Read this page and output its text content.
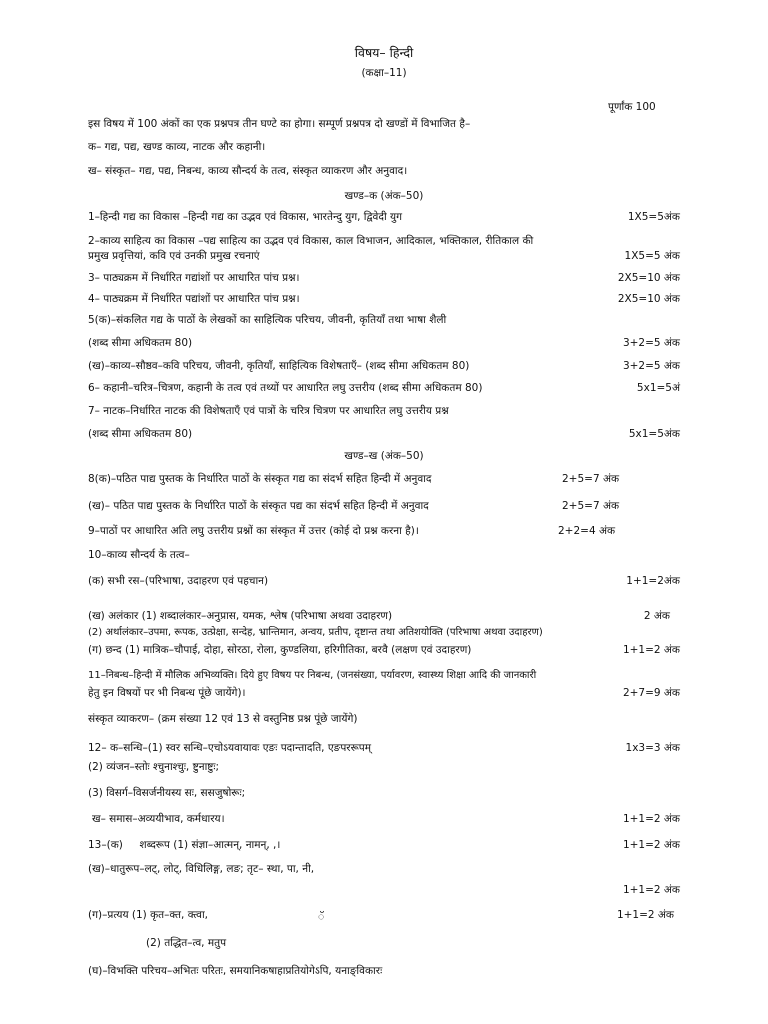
विषय– हिन्दी
(कक्षा–11)
पूर्णांक 100
इस विषय में 100 अंकों का एक प्रश्नपत्र तीन घण्टे का होगा। सम्पूर्ण प्रश्नपत्र दो खण्डों में विभाजित है–
क– गद्य, पद्य, खण्ड काव्य, नाटक और कहानी।
ख– संस्कृत– गद्य, पद्य, निबन्ध, काव्य सौन्दर्य के तत्व, संस्कृत व्याकरण और अनुवाद।
खण्ड–क (अंक–50)
1–हिन्दी गद्य का विकास –हिन्दी गद्य का उद्भव एवं विकास, भारतेन्दु युग, द्विवेदी युग	1X5=5अंक
2–काव्य साहित्य का विकास –पद्य साहित्य का उद्भव एवं विकास, काल विभाजन, आदिकाल, भक्तिकाल, रीतिकाल की
प्रमुख प्रवृत्तियां, कवि एवं उनकी प्रमुख रचनाएं	1X5=5 अंक
3– पाठ्यक्रम में निर्धारित गद्यांशों पर आधारित पांच प्रश्न।	2X5=10 अंक
4– पाठ्यक्रम में निर्धारित पद्यांशों पर आधारित पांच प्रश्न।	2X5=10 अंक
5(क)–संकलित गद्य के पाठों के लेखकों का साहित्यिक परिचय, जीवनी, कृतियाँ तथा भाषा शैली
(शब्द सीमा अधिकतम 80)	3+2=5 अंक
(ख)–काव्य–सौष्ठव–कवि परिचय, जीवनी, कृतियाँ, साहित्यिक विशेषताएँ– (शब्द सीमा अधिकतम 80)	3+2=5 अंक
6– कहानी–चरित्र–चित्रण, कहानी के तत्व एवं तथ्यों पर आधारित लघु उत्तरीय (शब्द सीमा अधिकतम 80)	5x1=5अं
7– नाटक–निर्धारित नाटक की विशेषताएँ एवं पात्रों के चरित्र चित्रण पर आधारित लघु उत्तरीय प्रश्न
(शब्द सीमा अधिकतम 80)	5x1=5अंक
खण्ड–ख (अंक–50)
8(क)–पठित पाद्य पुस्तक के निर्धारित पाठों के संस्कृत गद्य का संदर्भ सहित हिन्दी में अनुवाद	2+5=7 अंक
(ख)– पठित पाद्य पुस्तक के निर्धारित पाठों के संस्कृत पद्य का संदर्भ सहित हिन्दी में अनुवाद	2+5=7 अंक
9–पाठों पर आधारित अति लघु उत्तरीय प्रश्नों का संस्कृत में उत्तर (कोई दो प्रश्न करना है)।	2+2=4 अंक
10–काव्य सौन्दर्य के तत्व–
(क) सभी रस–(परिभाषा, उदाहरण एवं पहचान)	1+1=2अंक
(ख) अलंकार (1) शब्दालंकार–अनुप्रास, यमक, श्लेष (परिभाषा अथवा उदाहरण)	2 अंक
(2) अर्थालंकार–उपमा, रूपक, उत्प्रेक्षा, सन्देह, भ्रान्तिमान, अन्वय, प्रतीप, दृष्टान्त तथा अतिशयोक्ति (परिभाषा अथवा उदाहरण)
(ग) छन्द (1) मात्रिक–चौपाई, दोहा, सोरठा, रोला, कुण्डलिया, हरिगीतिका, बरवै (लक्षण एवं उदाहरण)	1+1=2 अंक
11–निबन्ध–हिन्दी में मौलिक अभिव्यक्ति। दिये हुए विषय पर निबन्ध, (जनसंख्या, पर्यावरण, स्वास्थ्य शिक्षा आदि की जानकारी
हेतु इन विषयों पर भी निबन्ध पूंछे जायेंगे)।	2+7=9 अंक
संस्कृत व्याकरण– (क्रम संख्या 12 एवं 13 से वस्तुनिष्ठ प्रश्न पूंछे जायेंगे)
12– क–सन्धि–(1) स्वर सन्धि–एचोऽयवायावः एङः पदान्तादति, एङपररूपम्	1x3=3 अंक
(2) व्यंजन–स्तोः श्चुनाश्चुः, ष्टुनाष्टुः;
(3) विसर्ग–विसर्जनीयस्य सः, ससजुषोरूः;
ख– समास–अव्ययीभाव, कर्मधारय।	1+1=2 अंक
13–(क)     शब्दरूप (1) संज्ञा–आत्मन्, नामन्, ,।	1+1=2 अंक
(ख)–धातुरूप–लट्, लोट्, विधिलिङ्ग, लङ; तृट– स्था, पा, नी,
1+1=2 अंक
(ग)–प्रत्यय (1) कृत–क्त, क्त्वा,	ॅ	1+1=2 अंक
(2) तद्धित–त्व, मतुप
(घ)–विभक्ति परिचय–अभितः परितः, समयानिकषाहाप्रतियोगेऽपि, यनाङ्विकारः
